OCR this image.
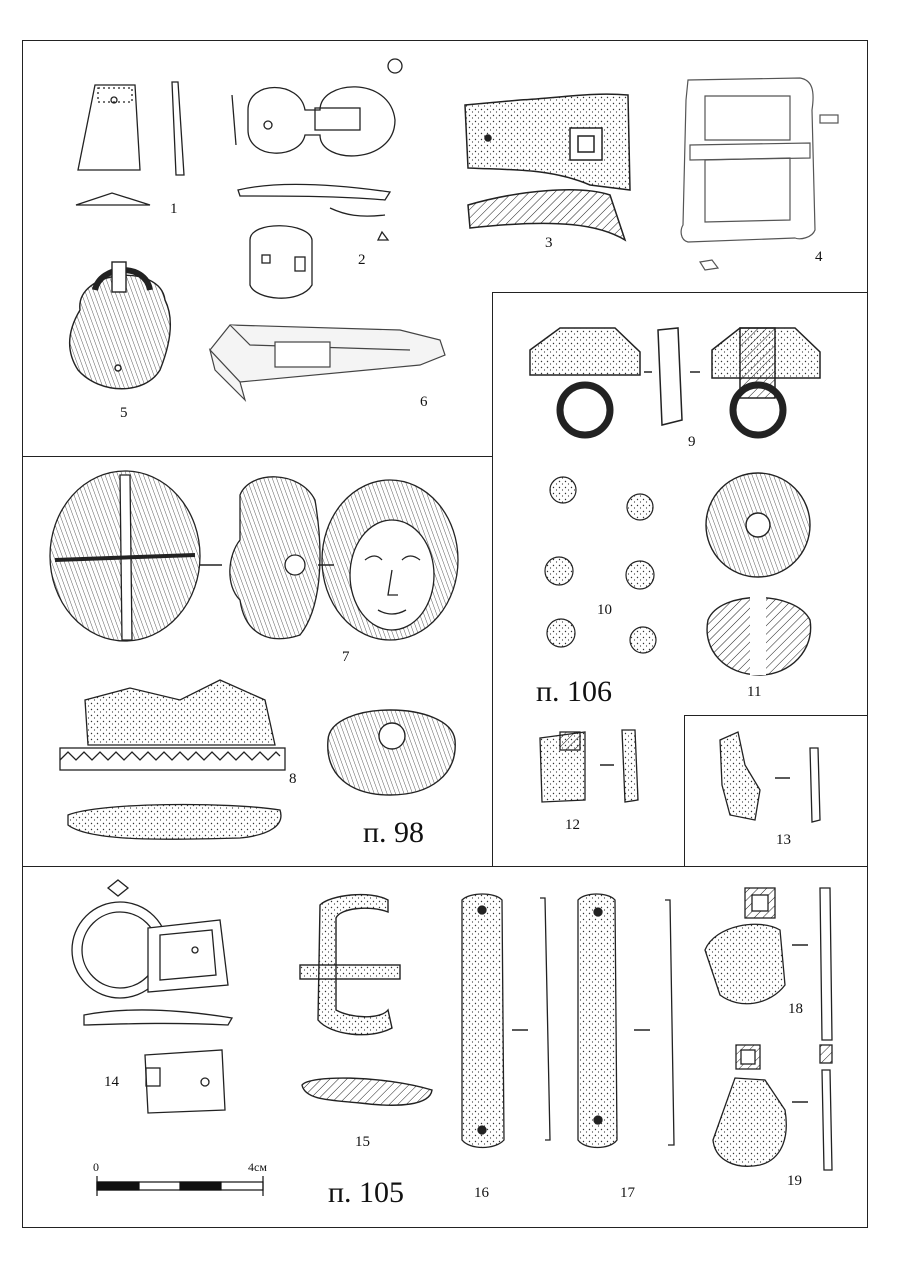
1
2
3
4
5
6
7
8
9
10
11
12
13
14
15
16	17
18
19
п. 98
п. 106
п. 105
0	4см
